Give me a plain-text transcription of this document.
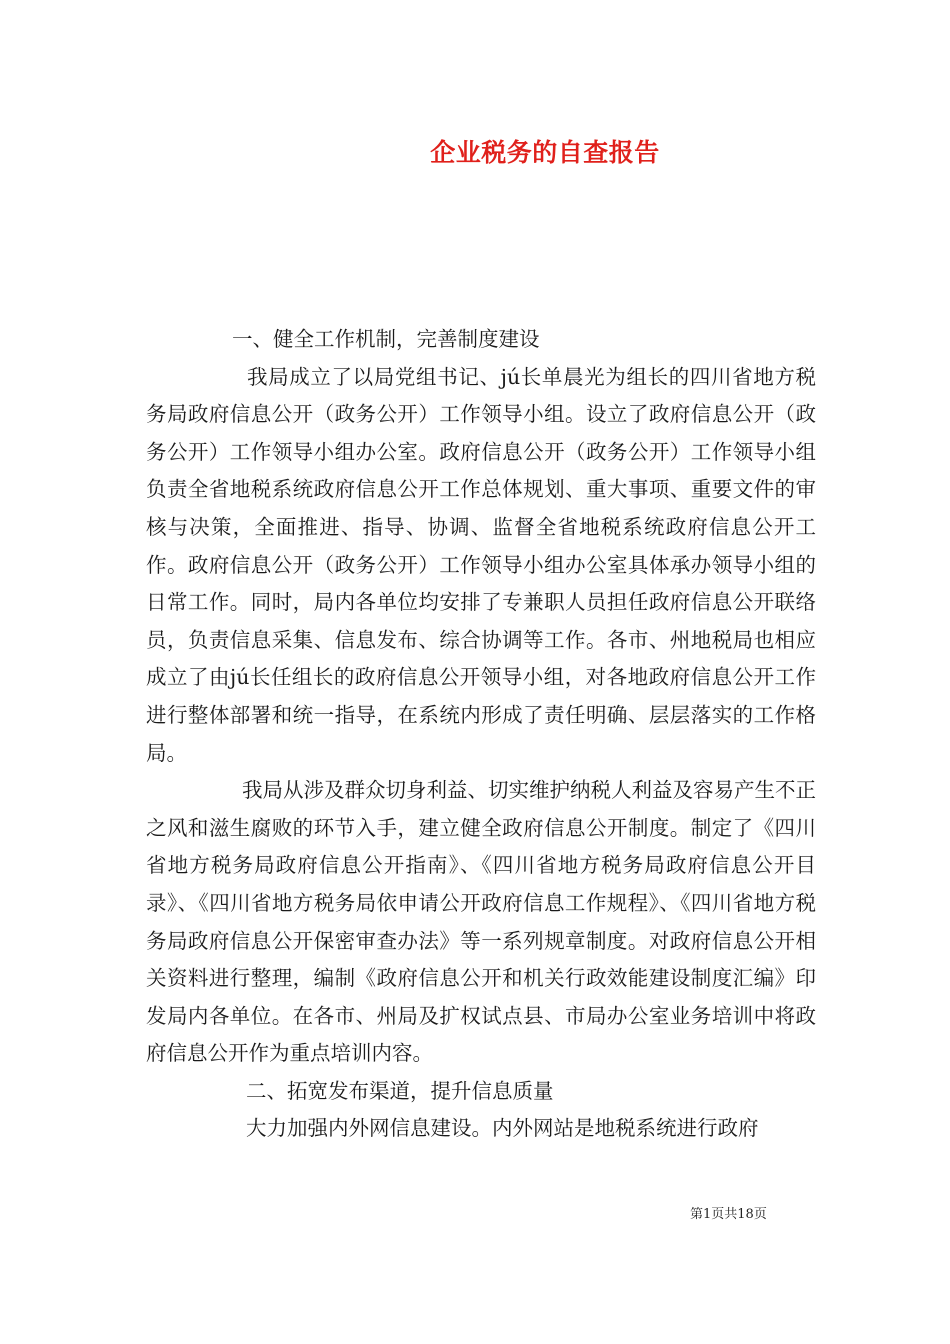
企业税务的自查报告

一、健全工作机制，完善制度建设

我局成立了以局党组书记、jú长单晨光为组长的四川省地方税务局政府信息公开（政务公开）工作领导小组。设立了政府信息公开（政务公开）工作领导小组办公室。政府信息公开（政务公开）工作领导小组负责全省地税系统政府信息公开工作总体规划、重大事项、重要文件的审核与决策，全面推进、指导、协调、监督全省地税系统政府信息公开工作。政府信息公开（政务公开）工作领导小组办公室具体承办领导小组的日常工作。同时，局内各单位均安排了专兼职人员担任政府信息公开联络员，负责信息采集、信息发布、综合协调等工作。各市、州地税局也相应成立了由jú长任组长的政府信息公开领导小组，对各地政府信息公开工作进行整体部署和统一指导，在系统内形成了责任明确、层层落实的工作格局。

我局从涉及群众切身利益、切实维护纳税人利益及容易产生不正之风和滋生腐败的环节入手，建立健全政府信息公开制度。制定了《四川省地方税务局政府信息公开指南》、《四川省地方税务局政府信息公开目录》、《四川省地方税务局依申请公开政府信息工作规程》、《四川省地方税务局政府信息公开保密审查办法》等一系列规章制度。对政府信息公开相关资料进行整理，编制《政府信息公开和机关行政效能建设制度汇编》印发局内各单位。在各市、州局及扩权试点县、市局办公室业务培训中将政府信息公开作为重点培训内容。

二、拓宽发布渠道，提升信息质量

大力加强内外网信息建设。内外网站是地税系统进行政府

第1页共18页
